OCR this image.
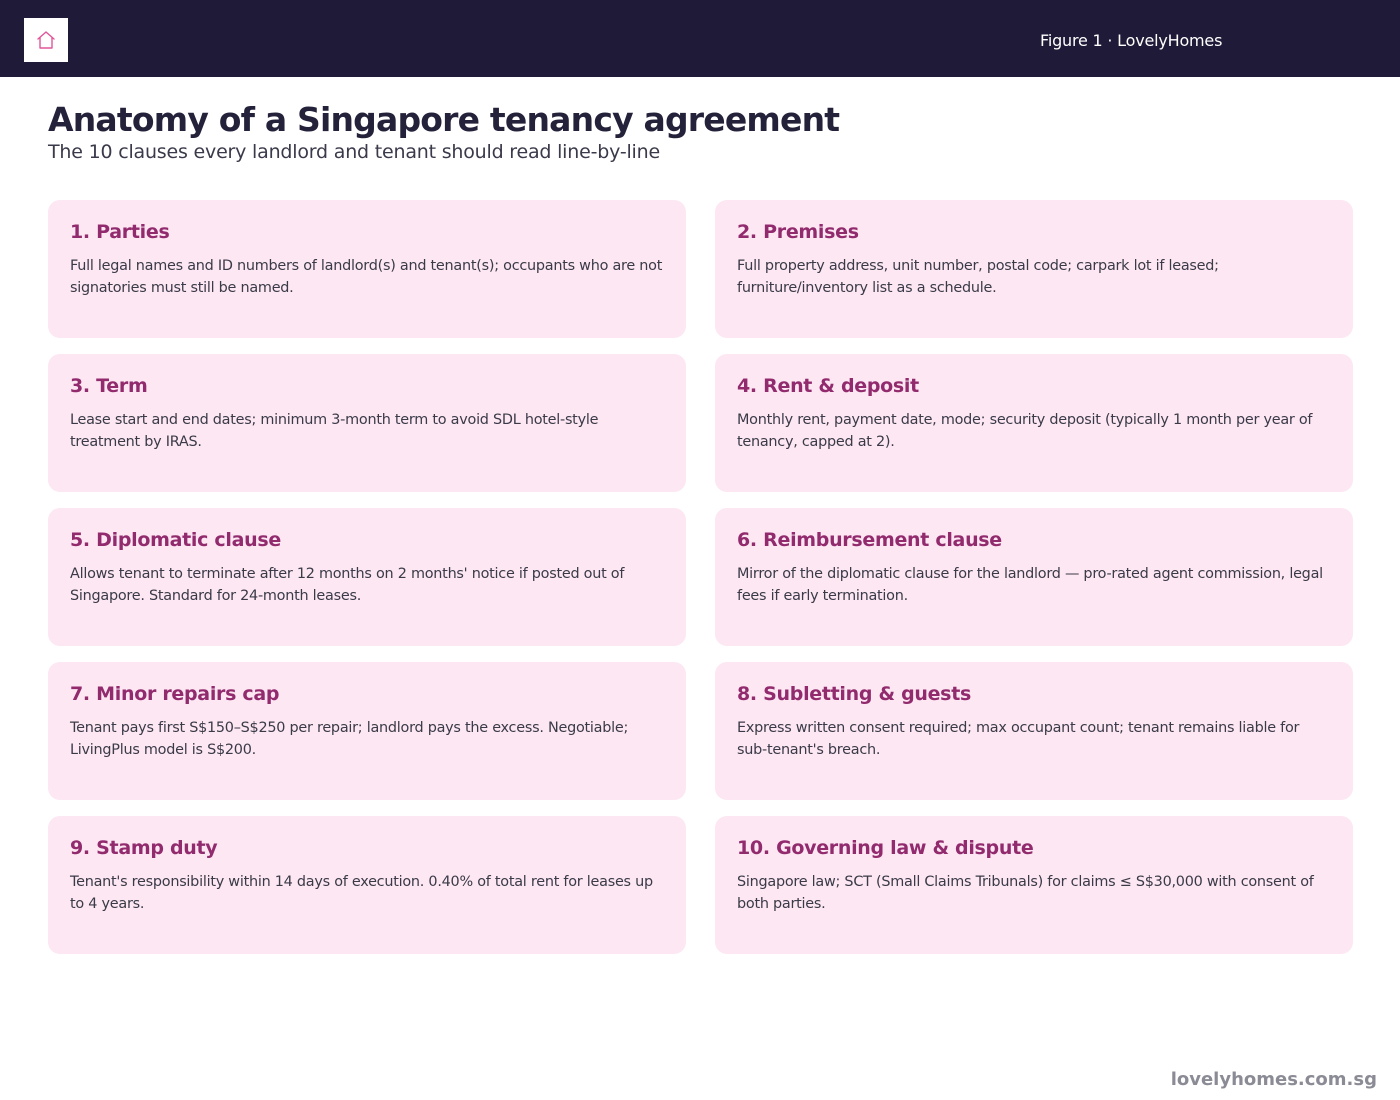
Figure 1 · LovelyHomes
Anatomy of a Singapore tenancy agreement
The 10 clauses every landlord and tenant should read line-by-line
1. Parties
Full legal names and ID numbers of landlord(s) and tenant(s); occupants who are not signatories must still be named.
2. Premises
Full property address, unit number, postal code; carpark lot if leased; furniture/inventory list as a schedule.
3. Term
Lease start and end dates; minimum 3-month term to avoid SDL hotel-style treatment by IRAS.
4. Rent & deposit
Monthly rent, payment date, mode; security deposit (typically 1 month per year of tenancy, capped at 2).
5. Diplomatic clause
Allows tenant to terminate after 12 months on 2 months' notice if posted out of Singapore. Standard for 24-month leases.
6. Reimbursement clause
Mirror of the diplomatic clause for the landlord — pro-rated agent commission, legal fees if early termination.
7. Minor repairs cap
Tenant pays first S$150–S$250 per repair; landlord pays the excess. Negotiable; LivingPlus model is S$200.
8. Subletting & guests
Express written consent required; max occupant count; tenant remains liable for sub-tenant's breach.
9. Stamp duty
Tenant's responsibility within 14 days of execution. 0.40% of total rent for leases up to 4 years.
10. Governing law & dispute
Singapore law; SCT (Small Claims Tribunals) for claims ≤ S$30,000 with consent of both parties.
lovelyhomes.com.sg
